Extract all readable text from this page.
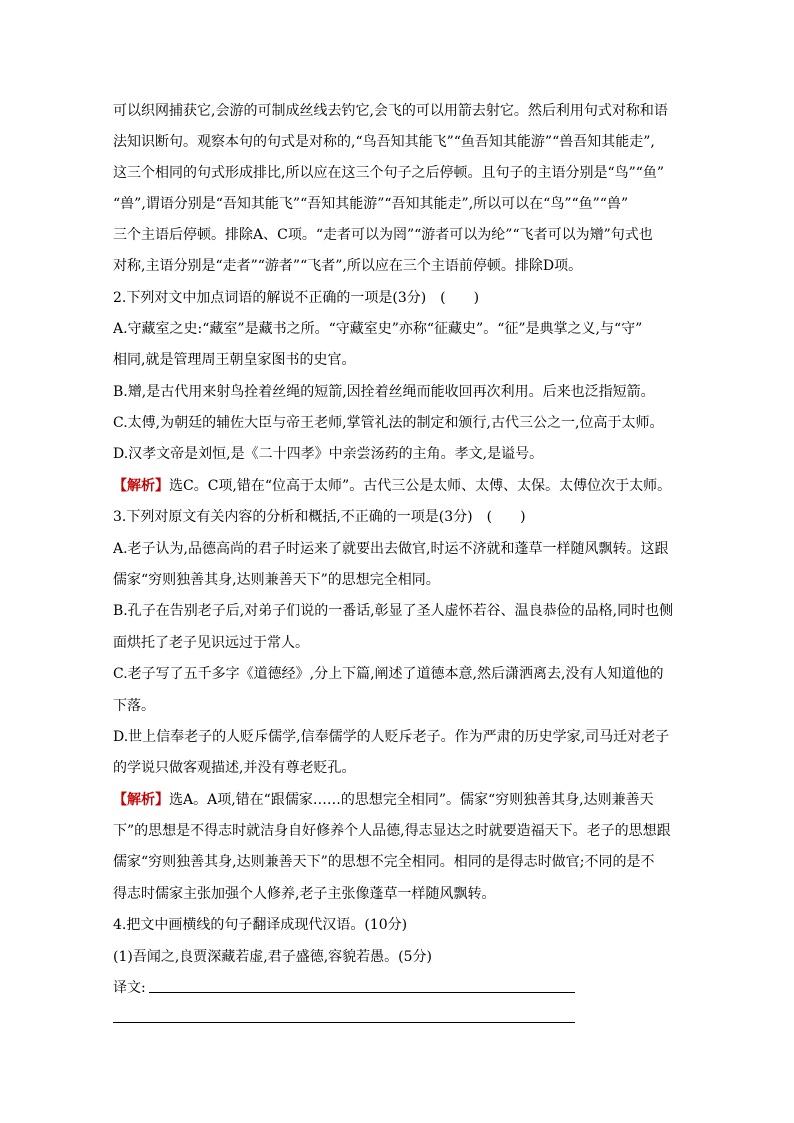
可以织网捕获它,会游的可制成丝线去钓它,会飞的可以用箭去射它。然后利用句式对称和语
法知识断句。观察本句的句式是对称的,“鸟吾知其能飞”“鱼吾知其能游”“兽吾知其能走”,
这三个相同的句式形成排比,所以应在这三个句子之后停顿。且句子的主语分别是“鸟”“鱼”
“兽”,谓语分别是“吾知其能飞”“吾知其能游”“吾知其能走”,所以可以在“鸟”“鱼”“兽”
三个主语后停顿。排除A、C项。“走者可以为罔”“游者可以为纶”“飞者可以为矰”句式也
对称,主语分别是“走者”“游者”“飞者”,所以应在三个主语前停顿。排除D项。
2.下列对文中加点词语的解说不正确的一项是(3分)　(　　)
A.守藏室之史:“藏室”是藏书之所。“守藏室史”亦称“征藏史”。“征”是典掌之义,与“守”
相同,就是管理周王朝皇家图书的史官。
B.矰,是古代用来射鸟拴着丝绳的短箭,因拴着丝绳而能收回再次利用。后来也泛指短箭。
C.太傅,为朝廷的辅佐大臣与帝王老师,掌管礼法的制定和颁行,古代三公之一,位高于太师。
D.汉孝文帝是刘恒,是《二十四孝》中亲尝汤药的主角。孝文,是谥号。
【解析】选C。C项,错在“位高于太师”。古代三公是太师、太傅、太保。太傅位次于太师。
3.下列对原文有关内容的分析和概括,不正确的一项是(3分)　(　　)
A.老子认为,品德高尚的君子时运来了就要出去做官,时运不济就和蓬草一样随风飘转。这跟
儒家“穷则独善其身,达则兼善天下”的思想完全相同。
B.孔子在告别老子后,对弟子们说的一番话,彰显了圣人虚怀若谷、温良恭俭的品格,同时也侧
面烘托了老子见识远过于常人。
C.老子写了五千多字《道德经》,分上下篇,阐述了道德本意,然后潇洒离去,没有人知道他的
下落。
D.世上信奉老子的人贬斥儒学,信奉儒学的人贬斥老子。作为严肃的历史学家,司马迁对老子
的学说只做客观描述,并没有尊老贬孔。
【解析】选A。A项,错在“跟儒家……的思想完全相同”。儒家“穷则独善其身,达则兼善天
下”的思想是不得志时就洁身自好修养个人品德,得志显达之时就要造福天下。老子的思想跟
儒家“穷则独善其身,达则兼善天下”的思想不完全相同。相同的是得志时做官;不同的是不
得志时儒家主张加强个人修养,老子主张像蓬草一样随风飘转。
4.把文中画横线的句子翻译成现代汉语。(10分)
(1)吾闻之,良贾深藏若虚,君子盛德,容貌若愚。(5分)
译文:
